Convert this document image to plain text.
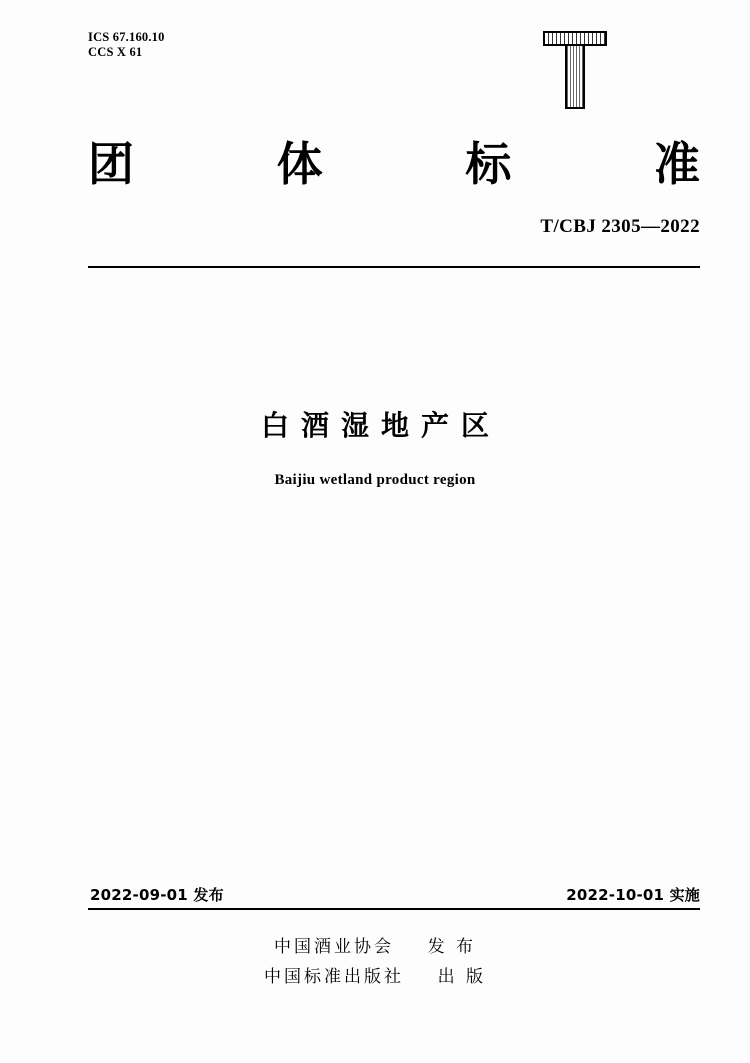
ICS 67.160.10
CCS X 61
团	体	标	准
T/CBJ 2305—2022
白酒湿地产区
Baijiu wetland product region
2022-09-01 发布	2022-10-01 实施
中国酒业协会    发 布
中国标准出版社    出 版
